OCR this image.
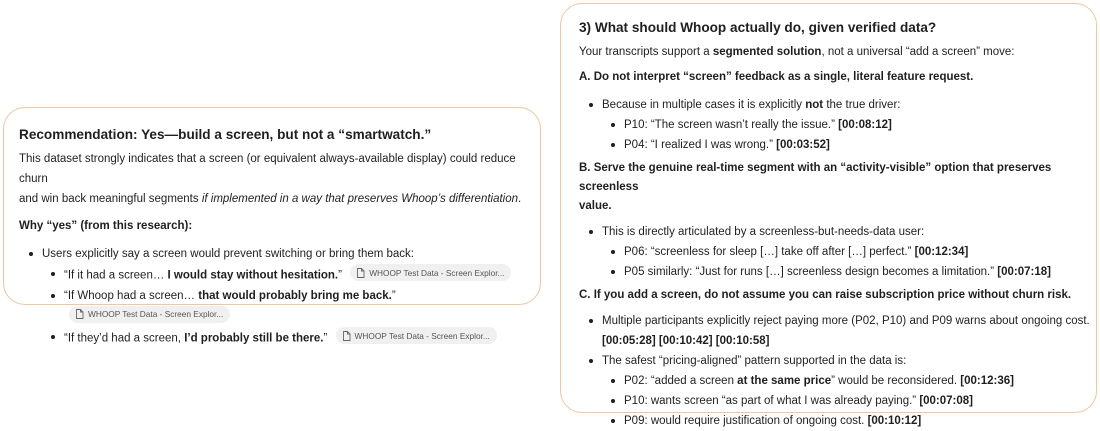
Recommendation: Yes—build a screen, but not a “smartwatch.”
This dataset strongly indicates that a screen (or equivalent always-available display) could reduce churn
and win back meaningful segments if implemented in a way that preserves Whoop’s differentiation.
Why “yes” (from this research):
Users explicitly say a screen would prevent switching or bring them back:
“If it had a screen… I would stay without hesitation.”	WHOOP Test Data - Screen Explor...
“If Whoop had a screen… that would probably bring me back.”
WHOOP Test Data - Screen Explor...
“If they’d had a screen, I’d probably still be there.”	WHOOP Test Data - Screen Explor...
3) What should Whoop actually do, given verified data?
Your transcripts support a segmented solution, not a universal “add a screen” move:
A. Do not interpret “screen” feedback as a single, literal feature request.
Because in multiple cases it is explicitly not the true driver:
P10: “The screen wasn’t really the issue.” [00:08:12]
P04: “I realized I was wrong.” [00:03:52]
B. Serve the genuine real-time segment with an “activity-visible” option that preserves screenless
value.
This is directly articulated by a screenless-but-needs-data user:
P06: “screenless for sleep […] take off after […] perfect.” [00:12:34]
P05 similarly: “Just for runs […] screenless design becomes a limitation.” [00:07:18]
C. If you add a screen, do not assume you can raise subscription price without churn risk.
Multiple participants explicitly reject paying more (P02, P10) and P09 warns about ongoing cost.
[00:05:28] [00:10:42] [00:10:58]
The safest “pricing-aligned” pattern supported in the data is:
P02: “added a screen at the same price” would be reconsidered. [00:12:36]
P10: wants screen “as part of what I was already paying.” [00:07:08]
P09: would require justification of ongoing cost. [00:10:12]
